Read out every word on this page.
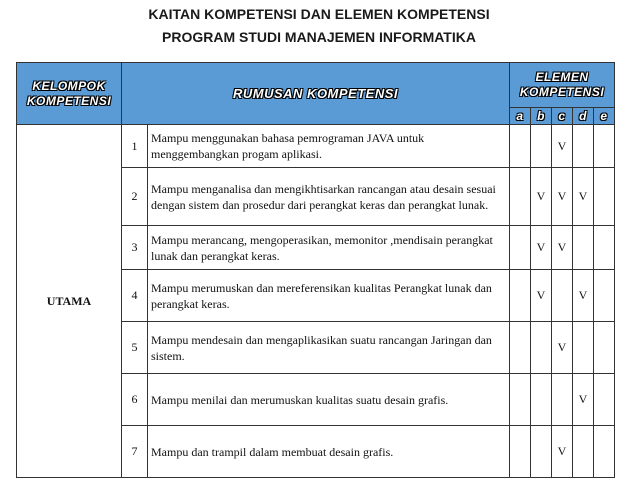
KAITAN KOMPETENSI DAN ELEMEN KOMPETENSI
PROGRAM STUDI MANAJEMEN INFORMATIKA
KELOMPOK KOMPETENSI	RUMUSAN KOMPETENSI		ELEMEN KOMPETENSI				
			a	b	c	d	e
UTAMA	1	Mampu menggunakan bahasa pemrograman JAVA untuk menggembangkan progam aplikasi.			V		
	2	Mampu menganalisa dan mengikhtisarkan rancangan atau desain sesuai dengan sistem dan prosedur dari perangkat keras dan perangkat lunak.		V	V	V	
	3	Mampu merancang, mengoperasikan, memonitor ,mendisain perangkat lunak dan perangkat keras.		V	V		
	4	Mampu merumuskan dan mereferensikan kualitas Perangkat lunak dan perangkat keras.		V		V	
	5	Mampu mendesain dan mengaplikasikan suatu rancangan Jaringan dan sistem.			V		
	6	Mampu menilai dan merumuskan kualitas suatu desain grafis.				V	
	7	Mampu dan trampil dalam membuat desain grafis.			V		
